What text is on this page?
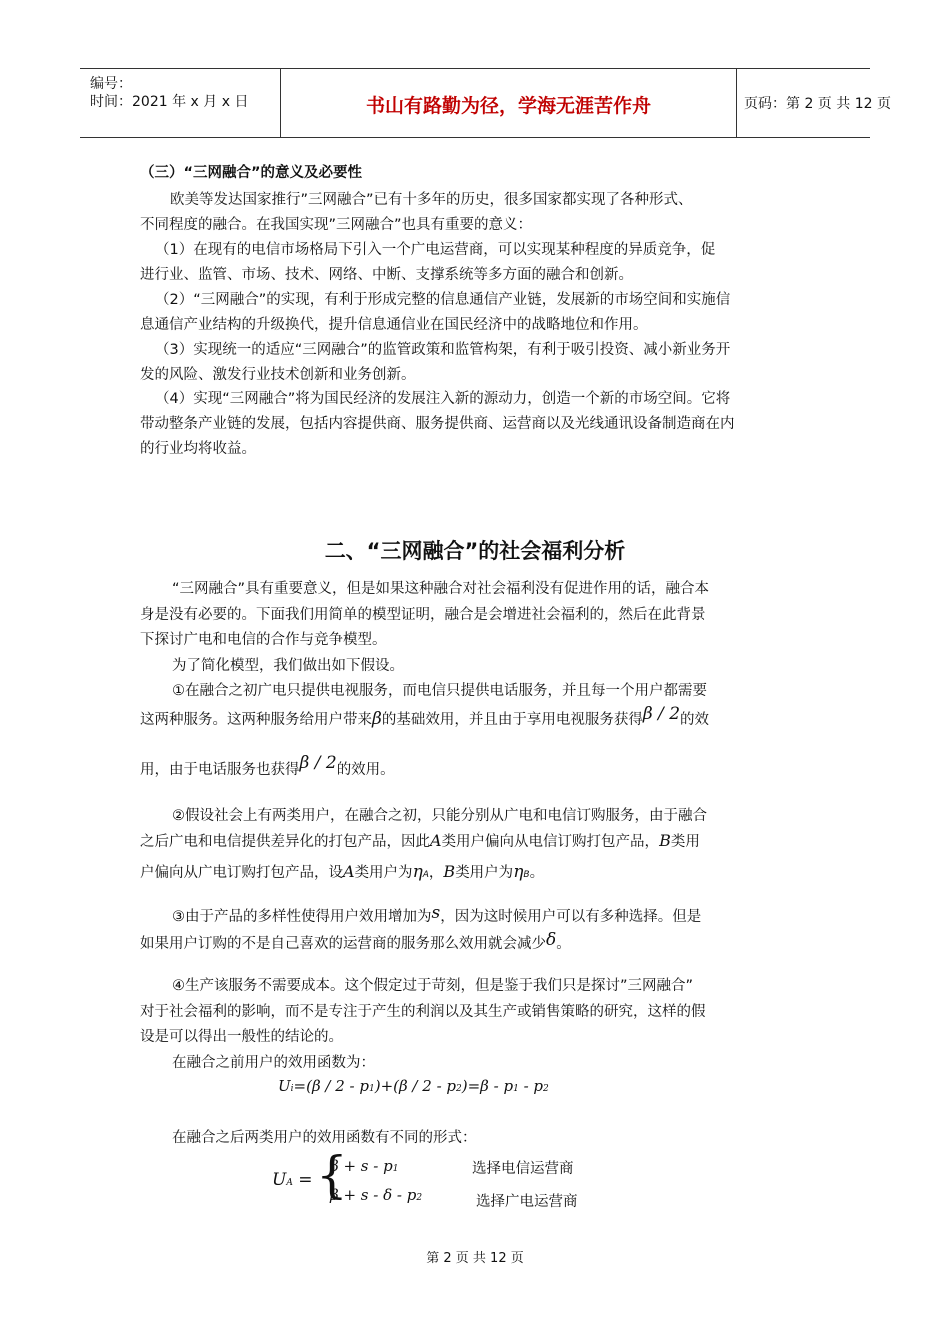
编号：
时间：2021 年 x 月 x 日	书山有路勤为径，学海无涯苦作舟	页码：第 2 页 共 12 页
（三）“三网融合”的意义及必要性
欧美等发达国家推行”三网融合”已有十多年的历史，很多国家都实现了各种形式、
不同程度的融合。在我国实现”三网融合”也具有重要的意义：
（1）在现有的电信市场格局下引入一个广电运营商，可以实现某种程度的异质竞争，促
进行业、监管、市场、技术、网络、中断、支撑系统等多方面的融合和创新。
（2）“三网融合”的实现，有利于形成完整的信息通信产业链，发展新的市场空间和实施信
息通信产业结构的升级换代，提升信息通信业在国民经济中的战略地位和作用。
（3）实现统一的适应“三网融合”的监管政策和监管构架，有利于吸引投资、减小新业务开
发的风险、激发行业技术创新和业务创新。
（4）实现“三网融合”将为国民经济的发展注入新的源动力，创造一个新的市场空间。它将
带动整条产业链的发展，包括内容提供商、服务提供商、运营商以及光线通讯设备制造商在内
的行业均将收益。
二、“三网融合”的社会福利分析
“三网融合”具有重要意义，但是如果这种融合对社会福利没有促进作用的话，融合本
身是没有必要的。下面我们用简单的模型证明，融合是会增进社会福利的，然后在此背景
下探讨广电和电信的合作与竞争模型。
为了简化模型，我们做出如下假设。
①在融合之初广电只提供电视服务，而电信只提供电话服务，并且每一个用户都需要
这两种服务。这两种服务给用户带来β的基础效用，并且由于享用电视服务获得β / 2的效
用，由于电话服务也获得β / 2的效用。
②假设社会上有两类用户，在融合之初，只能分别从广电和电信订购服务，由于融合
之后广电和电信提供差异化的打包产品，因此A类用户偏向从电信订购打包产品，B类用
户偏向从广电订购打包产品，设A类用户为ηA，B类用户为ηB。
③由于产品的多样性使得用户效用增加为s，因为这时候用户可以有多种选择。但是
如果用户订购的不是自己喜欢的运营商的服务那么效用就会减少δ。
④生产该服务不需要成本。这个假定过于苛刻，但是鉴于我们只是探讨”三网融合”
对于社会福利的影响，而不是专注于产生的利润以及其生产或销售策略的研究，这样的假
设是可以得出一般性的结论的。
在融合之前用户的效用函数为：
Ui=(β / 2 - p1)+(β / 2 - p2)=β - p1 - p2
在融合之后两类用户的效用函数有不同的形式：
UA = {
β + s - p1
β + s - δ - p2
选择电信运营商
选择广电运营商
第 2 页 共 12 页
